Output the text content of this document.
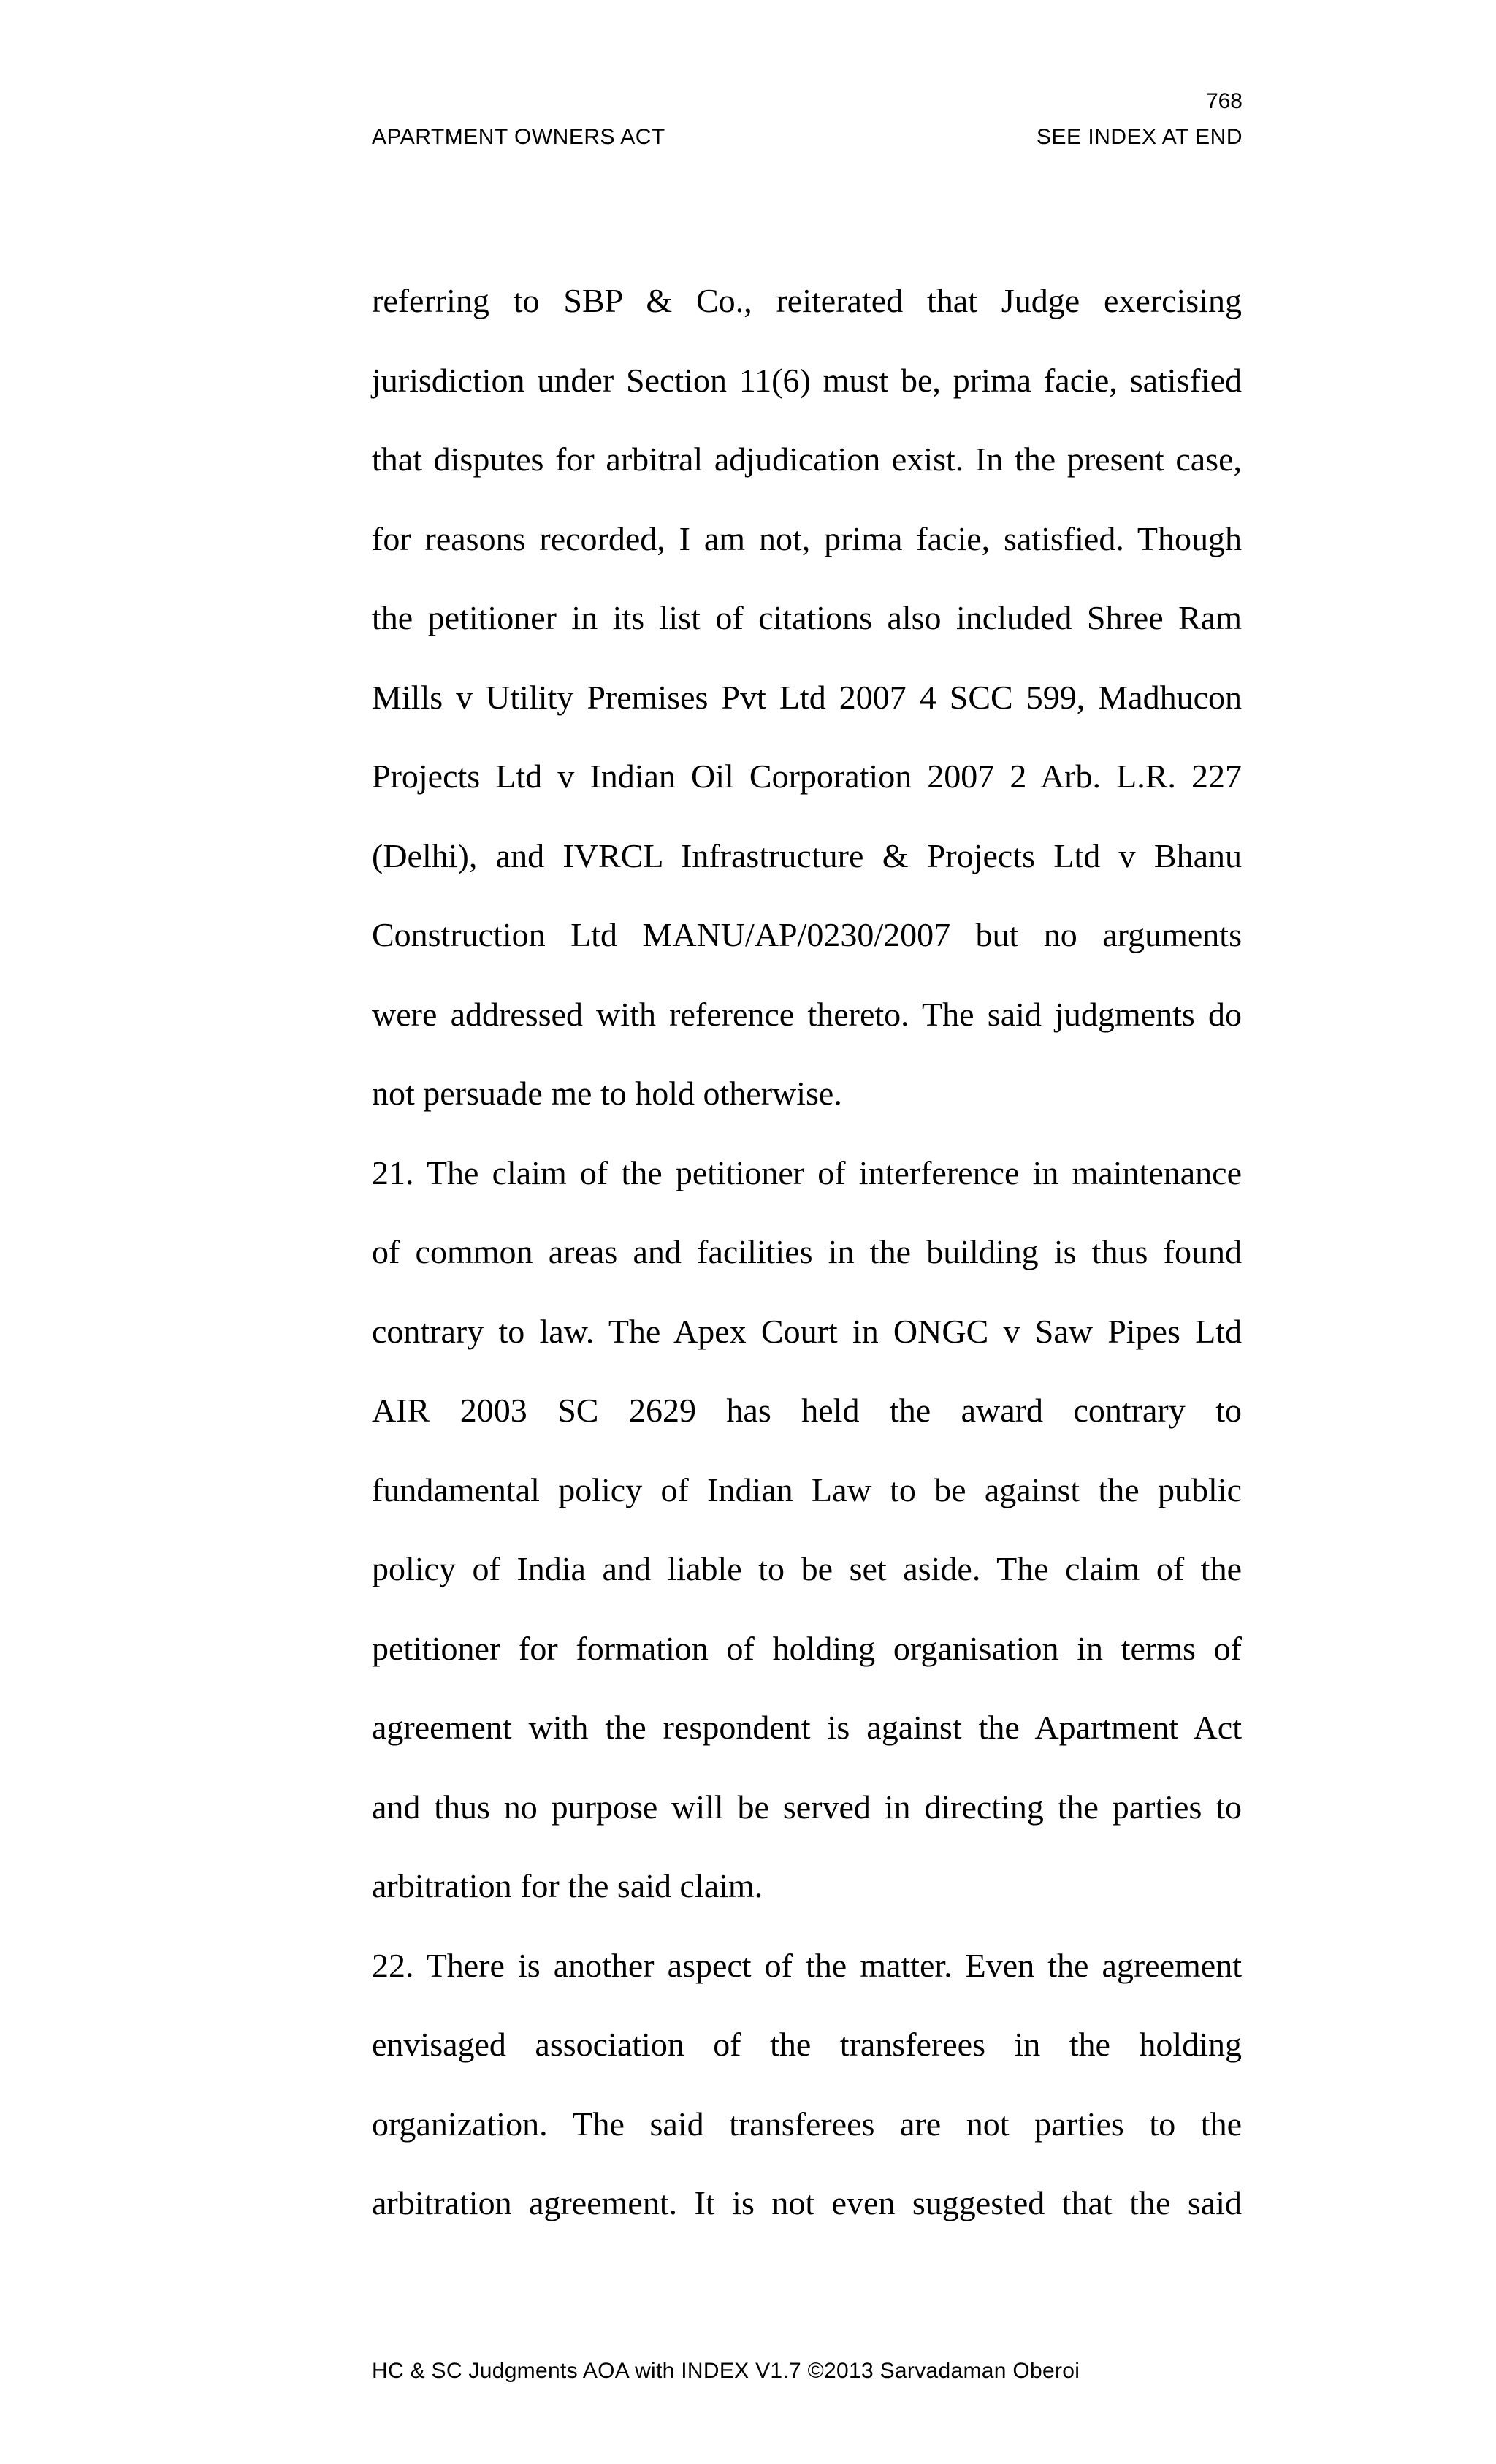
768
APARTMENT OWNERS ACT	SEE INDEX AT END
referring to SBP & Co., reiterated that Judge exercising
jurisdiction under Section 11(6) must be, prima facie, satisfied
that disputes for arbitral adjudication exist. In the present case,
for reasons recorded, I am not, prima facie, satisfied. Though
the petitioner in its list of citations also included Shree Ram
Mills v Utility Premises Pvt Ltd 2007 4 SCC 599, Madhucon
Projects Ltd v Indian Oil Corporation 2007 2 Arb. L.R. 227
(Delhi), and IVRCL Infrastructure & Projects Ltd v Bhanu
Construction Ltd MANU/AP/0230/2007 but no arguments
were addressed with reference thereto. The said judgments do
not persuade me to hold otherwise.
21. The claim of the petitioner of interference in maintenance
of common areas and facilities in the building is thus found
contrary to law. The Apex Court in ONGC v Saw Pipes Ltd
AIR 2003 SC 2629 has held the award contrary to
fundamental policy of Indian Law to be against the public
policy of India and liable to be set aside. The claim of the
petitioner for formation of holding organisation in terms of
agreement with the respondent is against the Apartment Act
and thus no purpose will be served in directing the parties to
arbitration for the said claim.
22. There is another aspect of the matter. Even the agreement
envisaged association of the transferees in the holding
organization. The said transferees are not parties to the
arbitration agreement. It is not even suggested that the said
HC & SC Judgments AOA with INDEX V1.7 ©2013 Sarvadaman Oberoi
